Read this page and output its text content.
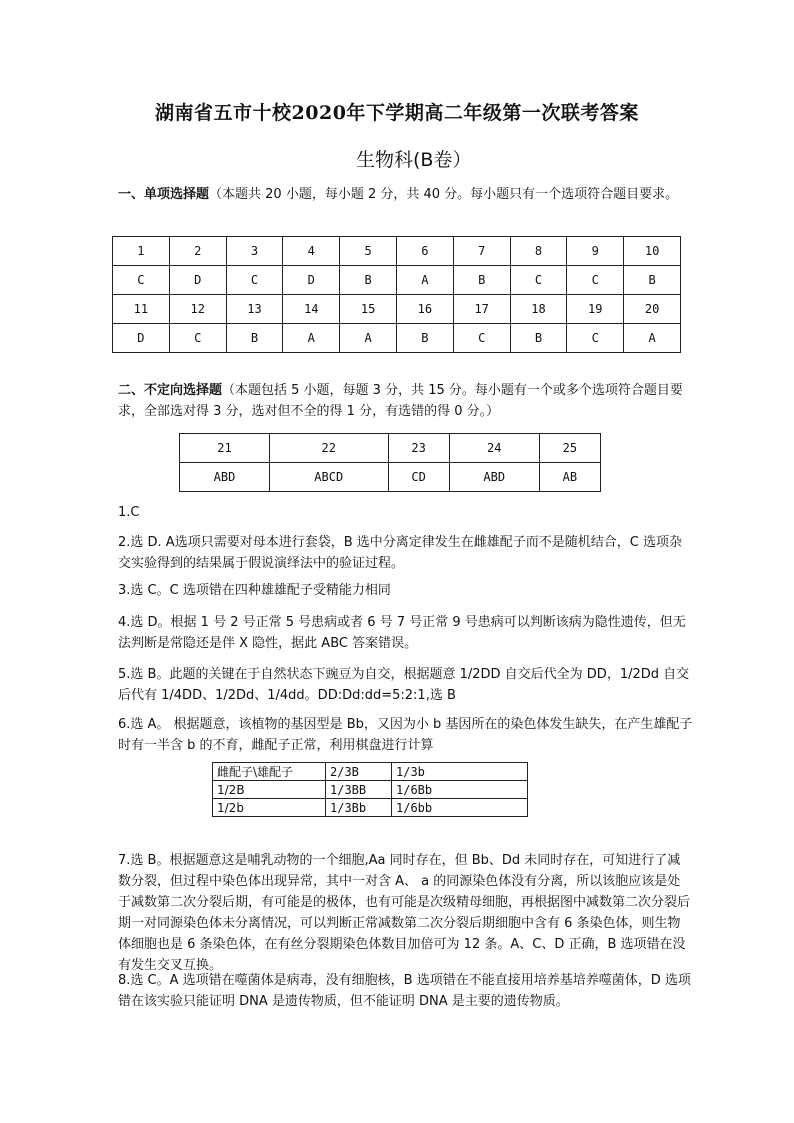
湖南省五市十校2020年下学期高二年级第一次联考答案
生物科(B卷）
一、单项选择题（本题共 20 小题，每小题 2 分，共 40 分。每小题只有一个选项符合题目要求。
1	2	3	4	5	6	7	8	9	10
C	D	C	D	B	A	B	C	C	B
11	12	13	14	15	16	17	18	19	20
D	C	B	A	A	B	C	B	C	A
二、不定向选择题（本题包括 5 小题，每题 3 分，共 15 分。每小题有一个或多个选项符合题目要求，全部选对得 3 分，选对但不全的得 1 分，有选错的得 0 分。）
21	22	23	24	25
ABD	ABCD	CD	ABD	AB
1.C
2.选 D. A选项只需要对母本进行套袋，B 选中分离定律发生在雌雄配子而不是随机结合，C 选项杂交实验得到的结果属于假说演绎法中的验证过程。
3.选 C。C 选项错在四种雄雄配子受精能力相同
4.选 D。根据 1 号 2 号正常 5 号患病或者 6 号 7 号正常 9 号患病可以判断该病为隐性遗传，但无法判断是常隐还是伴 X 隐性，据此 ABC 答案错误。
5.选 B。此题的关键在于自然状态下豌豆为自交，根据题意 1/2DD 自交后代全为 DD，1/2Dd 自交后代有 1/4DD、1/2Dd、1/4dd。DD:Dd:dd=5:2:1,选 B
6.选 A。 根据题意，该植物的基因型是 Bb，又因为小 b 基因所在的染色体发生缺失，在产生雄配子时有一半含 b 的不育，雌配子正常，利用棋盘进行计算
雌配子\雄配子	2/3B	1/3b
1/2B	1/3BB	1/6Bb
1/2b	1/3Bb	1/6bb
7.选 B。根据题意这是哺乳动物的一个细胞,Aa 同时存在，但 Bb、Dd 未同时存在，可知进行了减数分裂，但过程中染色体出现异常，其中一对含 A、 a 的同源染色体没有分离，所以该胞应该是处于减数第二次分裂后期，有可能是的极体，也有可能是次级精母细胞，再根据图中减数第二次分裂后期一对同源染色体未分离情况，可以判断正常减数第二次分裂后期细胞中含有 6 条染色体，则生物体细胞也是 6 条染色体，在有丝分裂期染色体数目加倍可为 12 条。A、C、D 正确，B 选项错在没有发生交叉互换。
8.选 C。A 选项错在噬菌体是病毒，没有细胞核，B 选项错在不能直接用培养基培养噬菌体，D 选项错在该实验只能证明 DNA 是遗传物质，但不能证明 DNA 是主要的遗传物质。
